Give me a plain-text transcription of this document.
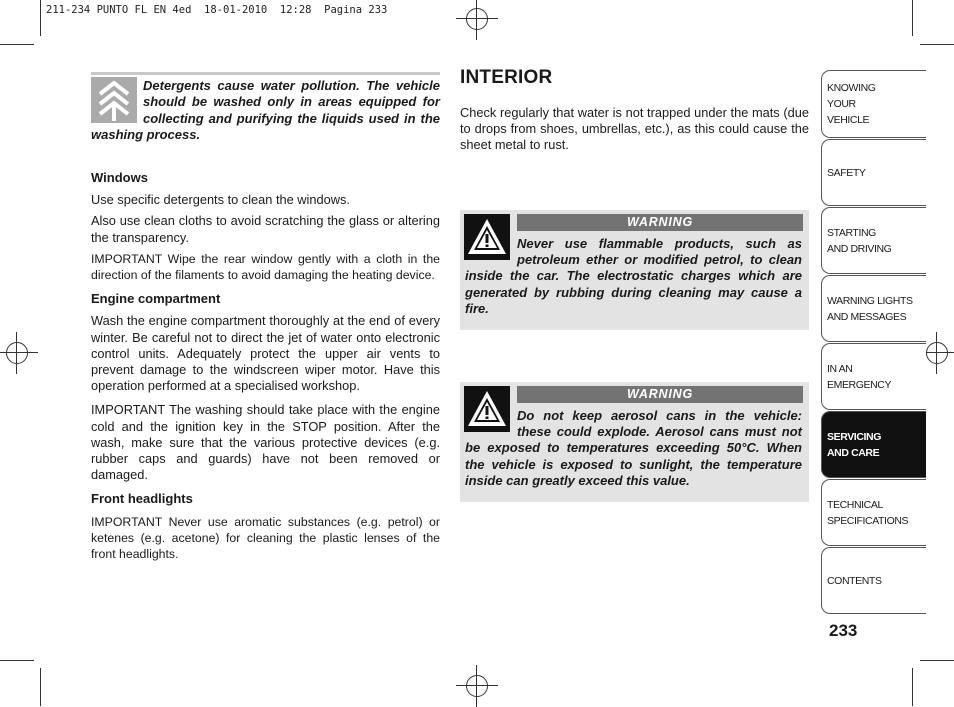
211-234 PUNTO FL EN 4ed  18-01-2010  12:28  Pagina 233
Detergents cause water pollution. The vehicle should be washed only in areas equipped for collecting and purifying the liquids used in the washing process.
Windows

Use specific detergents to clean the windows.

Also use clean cloths to avoid scratching the glass or altering the transparency.

IMPORTANT Wipe the rear window gently with a cloth in the direction of the filaments to avoid damaging the heating device.

Engine compartment

Wash the engine compartment thoroughly at the end of every winter. Be careful not to direct the jet of water onto electronic control units. Adequately protect the upper air vents to prevent damage to the windscreen wiper motor. Have this operation performed at a specialised workshop.

IMPORTANT The washing should take place with the engine cold and the ignition key in the STOP position. After the wash, make sure that the various protective devices (e.g. rubber caps and guards) have not been removed or damaged.

Front headlights

IMPORTANT Never use aromatic substances (e.g. petrol) or ketenes (e.g. acetone) for cleaning the plastic lenses of the front headlights.

INTERIOR
Check regularly that water is not trapped under the mats (due to drops from shoes, umbrellas, etc.), as this could cause the sheet metal to rust.
WARNING
Never use flammable products, such as petroleum ether or modified petrol, to clean inside the car. The electrostatic charges which are generated by rubbing during cleaning may cause a fire.
WARNING
Do not keep aerosol cans in the vehicle: these could explode. Aerosol cans must not be exposed to temperatures exceeding 50°C. When the vehicle is exposed to sunlight, the temperature inside can greatly exceed this value.
KNOWING
YOUR
VEHICLE
SAFETY
STARTING
AND DRIVING
WARNING LIGHTS
AND MESSAGES
IN AN
EMERGENCY
SERVICING
AND CARE
TECHNICAL
SPECIFICATIONS
CONTENTS
233
